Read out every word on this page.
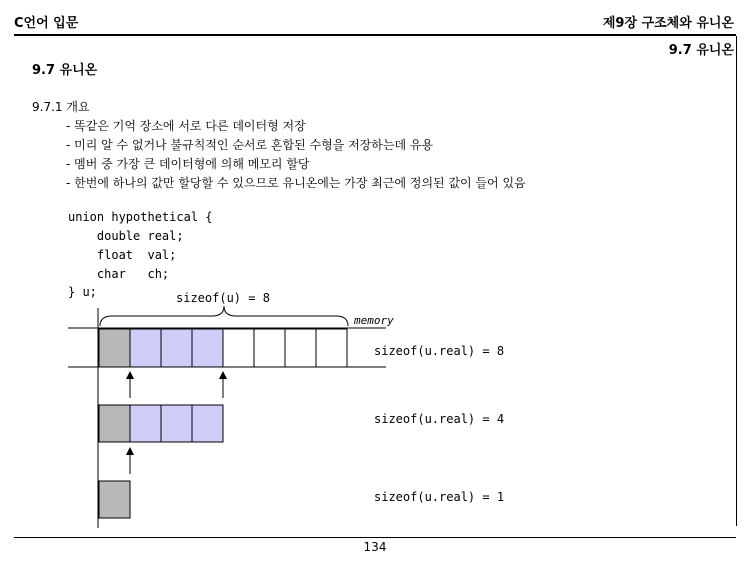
C언어 입문	제9장 구조체와 유니온
9.7 유니온
9.7 유니온
9.7.1 개요
- 똑같은 기억 장소에 서로 다른 데이터형 저장
- 미리 알 수 없거나 불규칙적인 순서로 혼합된 수형을 저장하는데 유용
- 멤버 중 가장 큰 데이터형에 의해 메모리 할당
- 한번에 하나의 값만 할당할 수 있으므로 유니온에는 가장 최근에 정의된 값이 들어 있음
union hypothetical {
double real;
float  val;
char   ch;
} u;	sizeof(u) = 8
memory
sizeof(u.real) = 8
sizeof(u.real) = 4
sizeof(u.real) = 1
134
